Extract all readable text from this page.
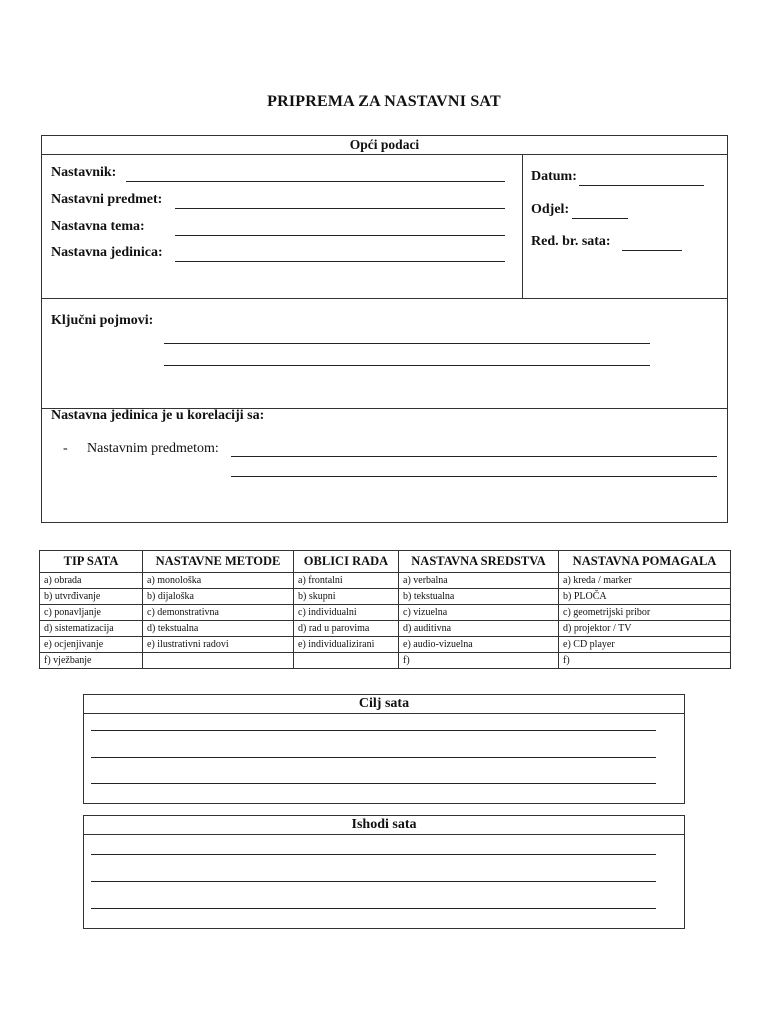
PRIPREMA ZA NASTAVNI SAT
Opći podaci
Nastavnik:
Nastavni predmet:
Nastavna tema:
Nastavna jedinica:
Datum:
Odjel:
Red. br. sata:
Ključni pojmovi:
Nastavna jedinica je u korelaciji sa:
- Nastavnim predmetom:
TIP SATA	NASTAVNE METODE	OBLICI RADA	NASTAVNA SREDSTVA	NASTAVNA POMAGALA
a) obrada	a) monološka	a) frontalni	a) verbalna	a) kreda / marker
b) utvrđivanje	b) dijalоška	b) skupni	b) tekstualna	b) PLOČA
c) ponavljanje	c) demonstrativna	c) individualni	c) vizuelna	c) geometrijski pribor
d) sistematizacija	d) tekstualna	d) rad u parovima	d) auditivna	d) projektor / TV
e) ocjenjivanje	e) ilustrativni radovi	e) individualizirani	e) audio-vizuelna	e) CD player
f) vježbanje			f)	f)
Cilj sata
Ishodi sata
